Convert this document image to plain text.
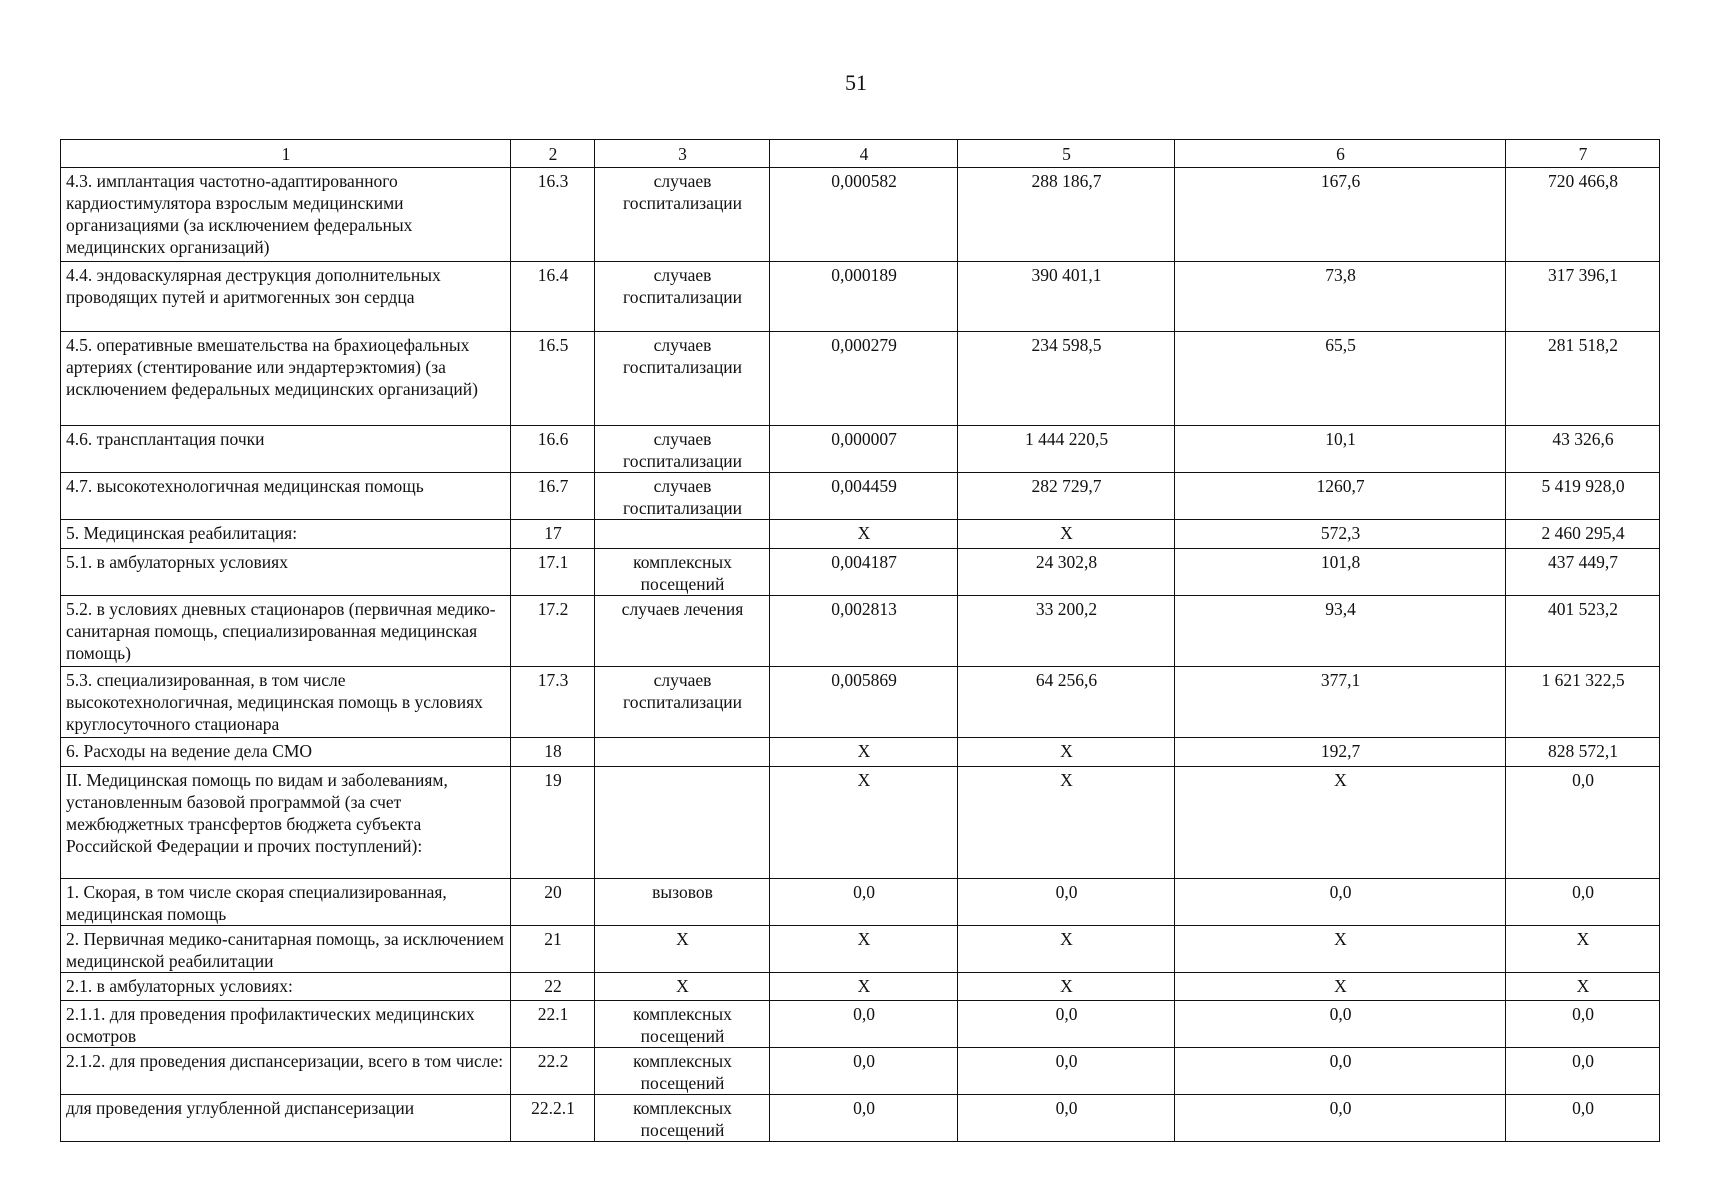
51
1	2	3	4	5	6	7
4.3. имплантация частотно-адаптированного кардиостимулятора взрослым медицинскими организациями (за исключением федеральных медицинских организаций)	16.3	случаев госпитализации	0,000582	288 186,7	167,6	720 466,8
4.4. эндоваскулярная деструкция дополнительных проводящих путей и аритмогенных зон сердца	16.4	случаев госпитализации	0,000189	390 401,1	73,8	317 396,1
4.5. оперативные вмешательства на брахиоцефальных артериях (стентирование или эндартерэктомия) (за исключением федеральных медицинских организаций)	16.5	случаев госпитализации	0,000279	234 598,5	65,5	281 518,2
4.6. трансплантация почки	16.6	случаев госпитализации	0,000007	1 444 220,5	10,1	43 326,6
4.7. высокотехнологичная медицинская помощь	16.7	случаев госпитализации	0,004459	282 729,7	1260,7	5 419 928,0
5. Медицинская реабилитация:	17		X	X	572,3	2 460 295,4
5.1. в амбулаторных условиях	17.1	комплексных посещений	0,004187	24 302,8	101,8	437 449,7
5.2. в условиях дневных стационаров (первичная медико-санитарная помощь, специализированная медицинская помощь)	17.2	случаев лечения	0,002813	33 200,2	93,4	401 523,2
5.3. специализированная, в том числе высокотехнологичная, медицинская помощь в условиях круглосуточного стационара	17.3	случаев госпитализации	0,005869	64 256,6	377,1	1 621 322,5
6. Расходы на ведение дела СМО	18		X	X	192,7	828 572,1
II. Медицинская помощь по видам и заболеваниям, установленным базовой программой (за счет межбюджетных трансфертов бюджета субъекта Российской Федерации и прочих поступлений):	19		X	X	X	0,0
1. Скорая, в том числе скорая специализированная, медицинская помощь	20	вызовов	0,0	0,0	0,0	0,0
2. Первичная медико-санитарная помощь, за исключением медицинской реабилитации	21	X	X	X	X	X
2.1. в амбулаторных условиях:	22	X	X	X	X	X
2.1.1. для проведения профилактических медицинских осмотров	22.1	комплексных посещений	0,0	0,0	0,0	0,0
2.1.2. для проведения диспансеризации, всего в том числе:	22.2	комплексных посещений	0,0	0,0	0,0	0,0
для проведения углубленной диспансеризации	22.2.1	комплексных посещений	0,0	0,0	0,0	0,0
